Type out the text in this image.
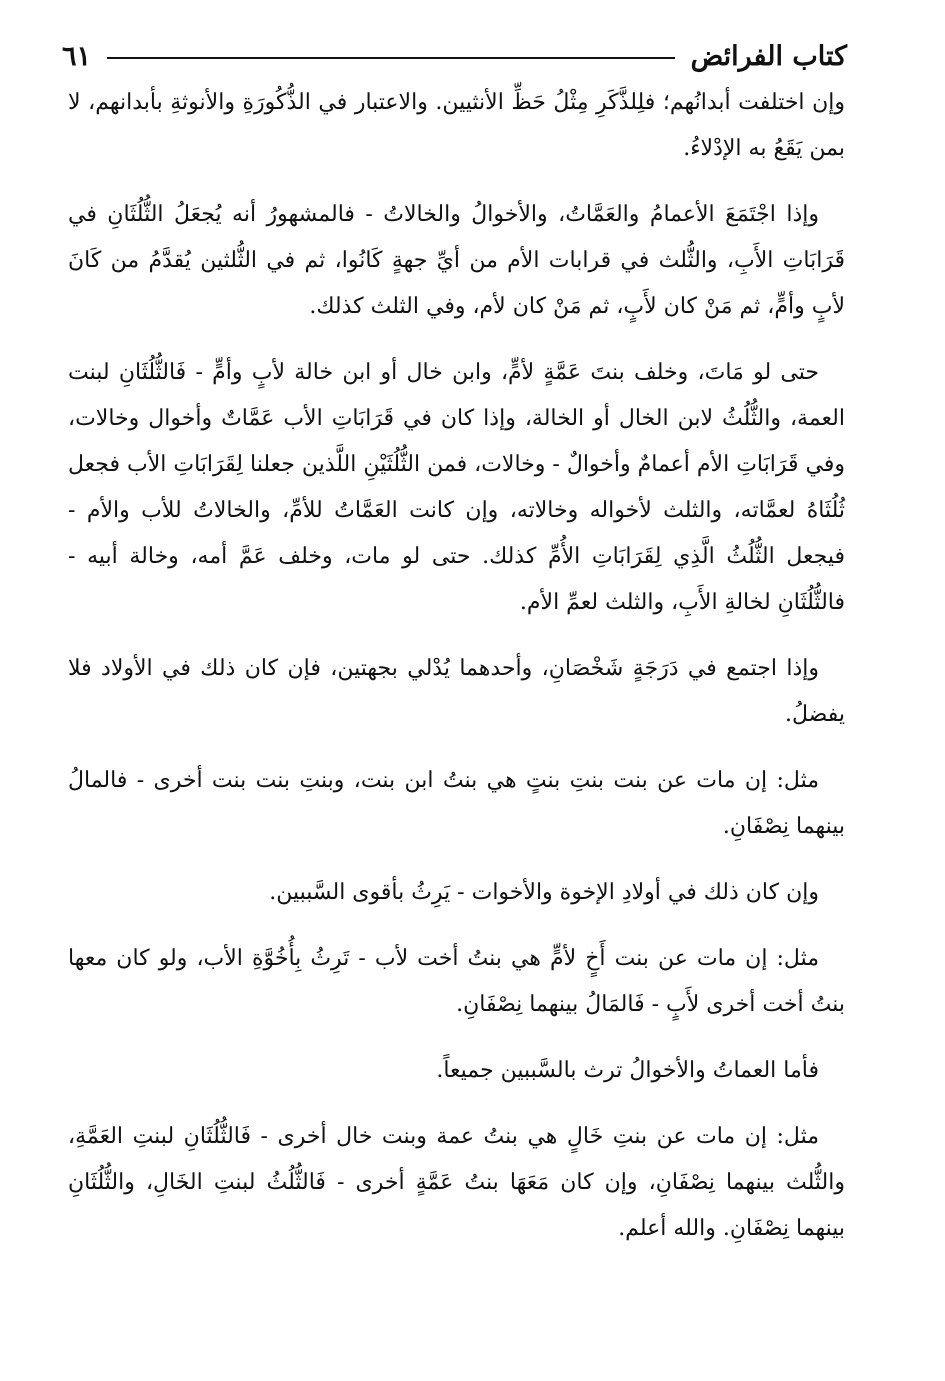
كتاب الفرائض
٦١

وإن اختلفت أبدانُهم؛ فلِلذَّكَرِ مِثْلُ حَظِّ الأنثيين. والاعتبار في الذُّكُورَةِ والأنوثةِ بأبدانهم، لا بمن يَقَعُ به الإدْلاءُ.

وإذا اجْتَمَعَ الأعمامُ والعَمَّاتُ، والأخوالُ والخالاتُ - فالمشهورُ أنه يُجعَلُ الثُّلُثَانِ في قَرَابَاتِ الأَبِ، والثُّلث في قرابات الأم من أيِّ جهةٍ كَانُوا، ثم في الثُّلثين يُقدَّمُ من كَانَ لأبٍ وأمٍّ، ثم مَنْ كان لأَبٍ، ثم مَنْ كان لأم، وفي الثلث كذلك.

حتى لو مَاتَ، وخلف بنتَ عَمَّةٍ لأمٍّ، وابن خال أو ابن خالة لأبٍ وأمٍّ - فَالثُّلُثَانِ لبنت العمة، والثُّلُثُ لابن الخال أو الخالة، وإذا كان في قَرَابَاتِ الأب عَمَّاتٌ وأخوال وخالات، وفي قَرَابَاتِ الأم أعمامٌ وأخوالٌ - وخالات، فمن الثُّلُثَيْنِ اللَّذين جعلنا لِقَرَابَاتِ الأب فجعل ثُلُثَاهُ لعمَّاته، والثلث لأخواله وخالاته، وإن كانت العَمَّاتُ للأمِّ، والخالاتُ للأب والأم - فيجعل الثُّلُثُ الَّذِي لِقَرَابَاتِ الأُمِّ كذلك. حتى لو مات، وخلف عَمَّ أمه، وخالة أبيه - فالثُّلُثَانِ لخالةِ الأَبِ، والثلث لعمِّ الأم.

وإذا اجتمع في دَرَجَةٍ شَخْصَانِ، وأحدهما يُدْلي بجهتين، فإن كان ذلك في الأولاد فلا يفضلُ.

مثل: إن مات عن بنت بنتِ بنتٍ هي بنتُ ابن بنت، وبنتِ بنت بنت أخرى - فالمالُ بينهما نِصْفَانِ.

وإن كان ذلك في أولادِ الإخوة والأخوات - يَرِثُ بأقوى السَّببين.

مثل: إن مات عن بنت أَخٍ لأمٍّ هي بنتُ أخت لأب - تَرِثُ بِأُخُوَّةِ الأب، ولو كان معها بنتُ أخت أخرى لأَبٍ - فَالمَالُ بينهما نِصْفَانِ.

فأما العماتُ والأخوالُ ترث بالسَّببين جميعاً.

مثل: إن مات عن بنتِ خَالٍ هي بنتُ عمة وبنت خال أخرى - فَالثُّلُثَانِ لبنتِ العَمَّةِ، والثُّلث بينهما نِصْفَانِ، وإن كان مَعَهَا بنتُ عَمَّةٍ أخرى - فَالثُّلُثُ لبنتِ الخَالِ، والثُّلُثَانِ بينهما نِصْفَانِ. والله أعلم.
